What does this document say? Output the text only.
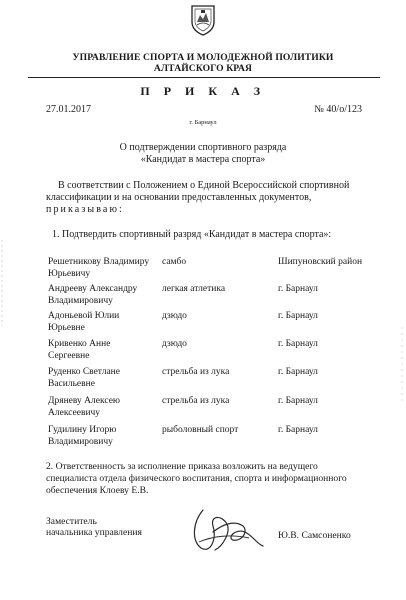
УПРАВЛЕНИЕ СПОРТА И МОЛОДЕЖНОЙ ПОЛИТИКИ
АЛТАЙСКОГО КРАЯ
П Р И К А З
27.01.2017	№ 40/о/123
г. Барнаул
О подтверждении спортивного разряда
«Кандидат в мастера спорта»
В соответствии с Положением о Единой Всероссийской спортивной
классификации и на основании предоставленных документов,
приказываю:
1. Подтвердить спортивный разряд «Кандидат в мастера спорта»:
Решетникову Владимиру
Юрьевичу
самбо	Шипуновский район
Андрееву Александру
Владимировичу
легкая атлетика	г. Барнаул
Адоньевой Юлии
Юрьевне
дзюдо	г. Барнаул
Кривенко Анне
Сергеевне
дзюдо	г. Барнаул
Руденко Светлане
Васильевне
стрельба из лука	г. Барнаул
Дряневу Алексею
Алексеевичу
стрельба из лука	г. Барнаул
Гудилину Игорю
Владимировичу
рыболовный спорт	г. Барнаул
2. Ответственность за исполнение приказа возложить на ведущего
специалиста отдела физического воспитания, спорта и информационного
обеспечения Клоеву Е.В.
Заместитель
начальника управления	Ю.В. Самсоненко
